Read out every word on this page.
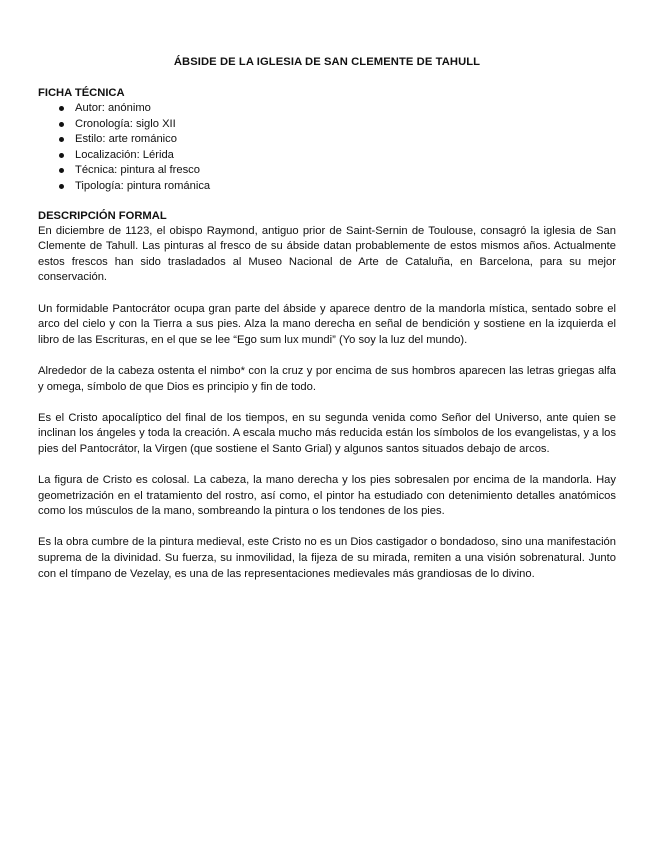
ÁBSIDE DE LA IGLESIA DE SAN CLEMENTE DE TAHULL
FICHA TÉCNICA
Autor: anónimo
Cronología: siglo XII
Estilo: arte románico
Localización: Lérida
Técnica: pintura al fresco
Tipología: pintura románica
DESCRIPCIÓN FORMAL

En diciembre de 1123, el obispo Raymond, antiguo prior de Saint-Sernin de Toulouse, consagró la iglesia de San Clemente de Tahull. Las pinturas al fresco de su ábside datan probablemente de estos mismos años. Actualmente estos frescos han sido trasladados al Museo Nacional de Arte de Cataluña, en Barcelona, para su mejor conservación.

Un formidable Pantocrátor ocupa gran parte del ábside y aparece dentro de la mandorla mística, sentado sobre el arco del cielo y con la Tierra a sus pies. Alza la mano derecha en señal de bendición y sostiene en la izquierda el libro de las Escrituras, en el que se lee “Ego sum lux mundi” (Yo soy la luz del mundo).

Alrededor de la cabeza ostenta el nimbo* con la cruz y por encima de sus hombros aparecen las letras griegas alfa y omega, símbolo de que Dios es principio y fin de todo.

Es el Cristo apocalíptico del final de los tiempos, en su segunda venida como Señor del Universo, ante quien se inclinan los ángeles y toda la creación. A escala mucho más reducida están los símbolos de los evangelistas, y a los pies del Pantocrátor, la Virgen (que sostiene el Santo Grial) y algunos santos situados debajo de arcos.

La figura de Cristo es colosal. La cabeza, la mano derecha y los pies sobresalen por encima de la mandorla. Hay geometrización en el tratamiento del rostro, así como, el pintor ha estudiado con detenimiento detalles anatómicos como los músculos de la mano, sombreando la pintura o los tendones de los pies.

Es la obra cumbre de la pintura medieval, este Cristo no es un Dios castigador o bondadoso, sino una manifestación suprema de la divinidad. Su fuerza, su inmovilidad, la fijeza de su mirada, remiten a una visión sobrenatural. Junto con el tímpano de Vezelay, es una de las representaciones medievales más grandiosas de lo divino.
